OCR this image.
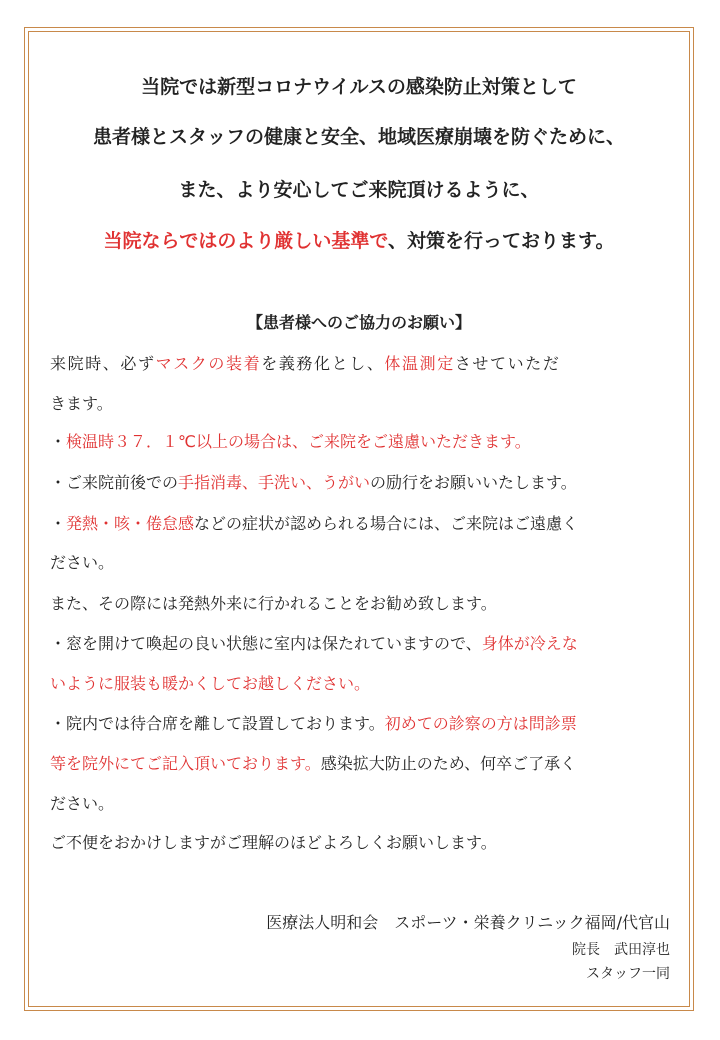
当院では新型コロナウイルスの感染防止対策として
患者様とスタッフの健康と安全、地域医療崩壊を防ぐために、
また、より安心してご来院頂けるように、
当院ならではのより厳しい基準で、対策を行っております。
【患者様へのご協力のお願い】
来院時、必ずマスクの装着を義務化とし、体温測定させていただ
きます。
・検温時３７．１℃以上の場合は、ご来院をご遠慮いただきます。
・ご来院前後での手指消毒、手洗い、うがいの励行をお願いいたします。
・発熱・咳・倦怠感などの症状が認められる場合には、ご来院はご遠慮く
ださい。
また、その際には発熱外来に行かれることをお勧め致します。
・窓を開けて喚起の良い状態に室内は保たれていますので、身体が冷えな
いように服装も暖かくしてお越しください。
・院内では待合席を離して設置しております。初めての診察の方は問診票
等を院外にてご記入頂いております。感染拡大防止のため、何卒ご了承く
ださい。
ご不便をおかけしますがご理解のほどよろしくお願いします。
医療法人明和会　スポーツ・栄養クリニック福岡/代官山
院長　武田淳也
スタッフ一同
